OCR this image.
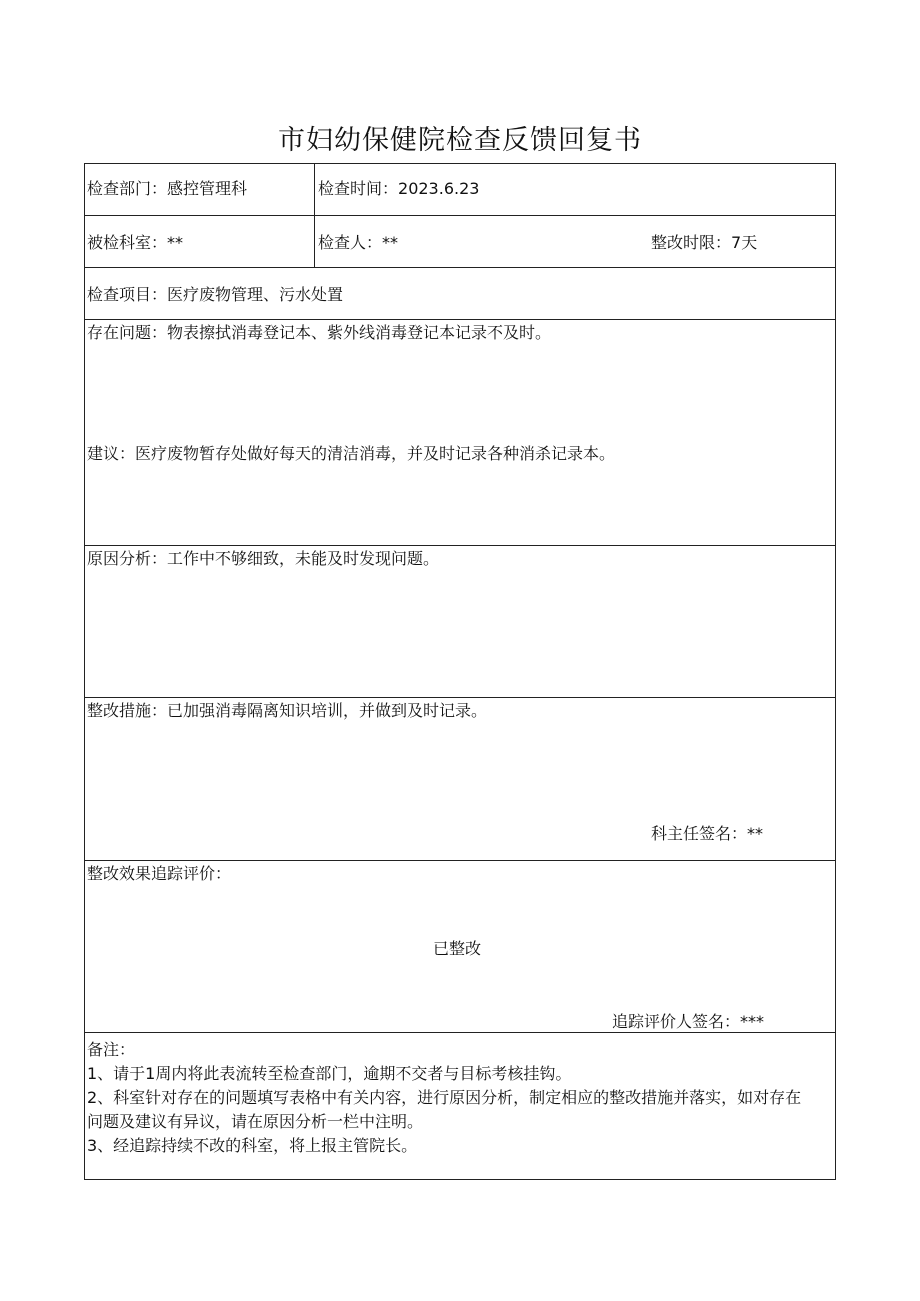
市妇幼保健院检查反馈回复书
检查部门：感控管理科	检查时间：2023.6.23
被检科室：**	检查人：**	整改时限：7天
检查项目：医疗废物管理、污水处置
存在问题：物表擦拭消毒登记本、紫外线消毒登记本记录不及时。
建议：医疗废物暂存处做好每天的清洁消毒，并及时记录各种消杀记录本。
原因分析：工作中不够细致，未能及时发现问题。
整改措施：已加强消毒隔离知识培训，并做到及时记录。
科主任签名：**
整改效果追踪评价：
已整改
追踪评价人签名：***
备注：
1、请于1周内将此表流转至检查部门，逾期不交者与目标考核挂钩。
2、科室针对存在的问题填写表格中有关内容，进行原因分析，制定相应的整改措施并落实，如对存在问题及建议有异议，请在原因分析一栏中注明。
3、经追踪持续不改的科室，将上报主管院长。
